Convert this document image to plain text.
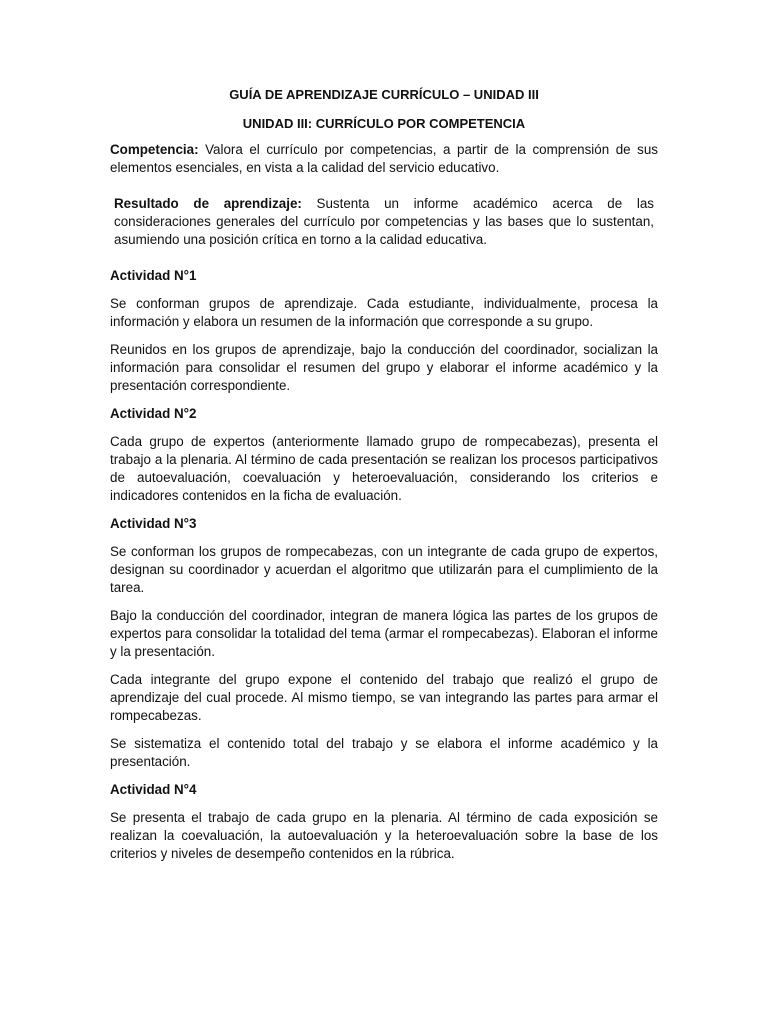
GUÍA DE APRENDIZAJE CURRÍCULO – UNIDAD III
UNIDAD III: CURRÍCULO POR COMPETENCIA

Competencia: Valora el currículo por competencias, a partir de la comprensión de sus elementos esenciales, en vista a la calidad del servicio educativo.

Resultado de aprendizaje: Sustenta un informe académico acerca de las consideraciones generales del currículo por competencias y las bases que lo sustentan, asumiendo una posición crítica en torno a la calidad educativa.
Actividad N°1

Se conforman grupos de aprendizaje. Cada estudiante, individualmente, procesa la información y elabora un resumen de la información que corresponde a su grupo.

Reunidos en los grupos de aprendizaje, bajo la conducción del coordinador, socializan la información para consolidar el resumen del grupo y elaborar el informe académico y la presentación correspondiente.

Actividad N°2

Cada grupo de expertos (anteriormente llamado grupo de rompecabezas), presenta el trabajo a la plenaria. Al término de cada presentación se realizan los procesos participativos de autoevaluación, coevaluación y heteroevaluación, considerando los criterios e indicadores contenidos en la ficha de evaluación.

Actividad N°3

Se conforman los grupos de rompecabezas, con un integrante de cada grupo de expertos, designan su coordinador y acuerdan el algoritmo que utilizarán para el cumplimiento de la tarea.

Bajo la conducción del coordinador, integran de manera lógica las partes de los grupos de expertos para consolidar la totalidad del tema (armar el rompecabezas). Elaboran el informe y la presentación.

Cada integrante del grupo expone el contenido del trabajo que realizó el grupo de aprendizaje del cual procede. Al mismo tiempo, se van integrando las partes para armar el rompecabezas.

Se sistematiza el contenido total del trabajo y se elabora el informe académico y la presentación.

Actividad N°4

Se presenta el trabajo de cada grupo en la plenaria. Al término de cada exposición se realizan la coevaluación, la autoevaluación y la heteroevaluación sobre la base de los criterios y niveles de desempeño contenidos en la rúbrica.
